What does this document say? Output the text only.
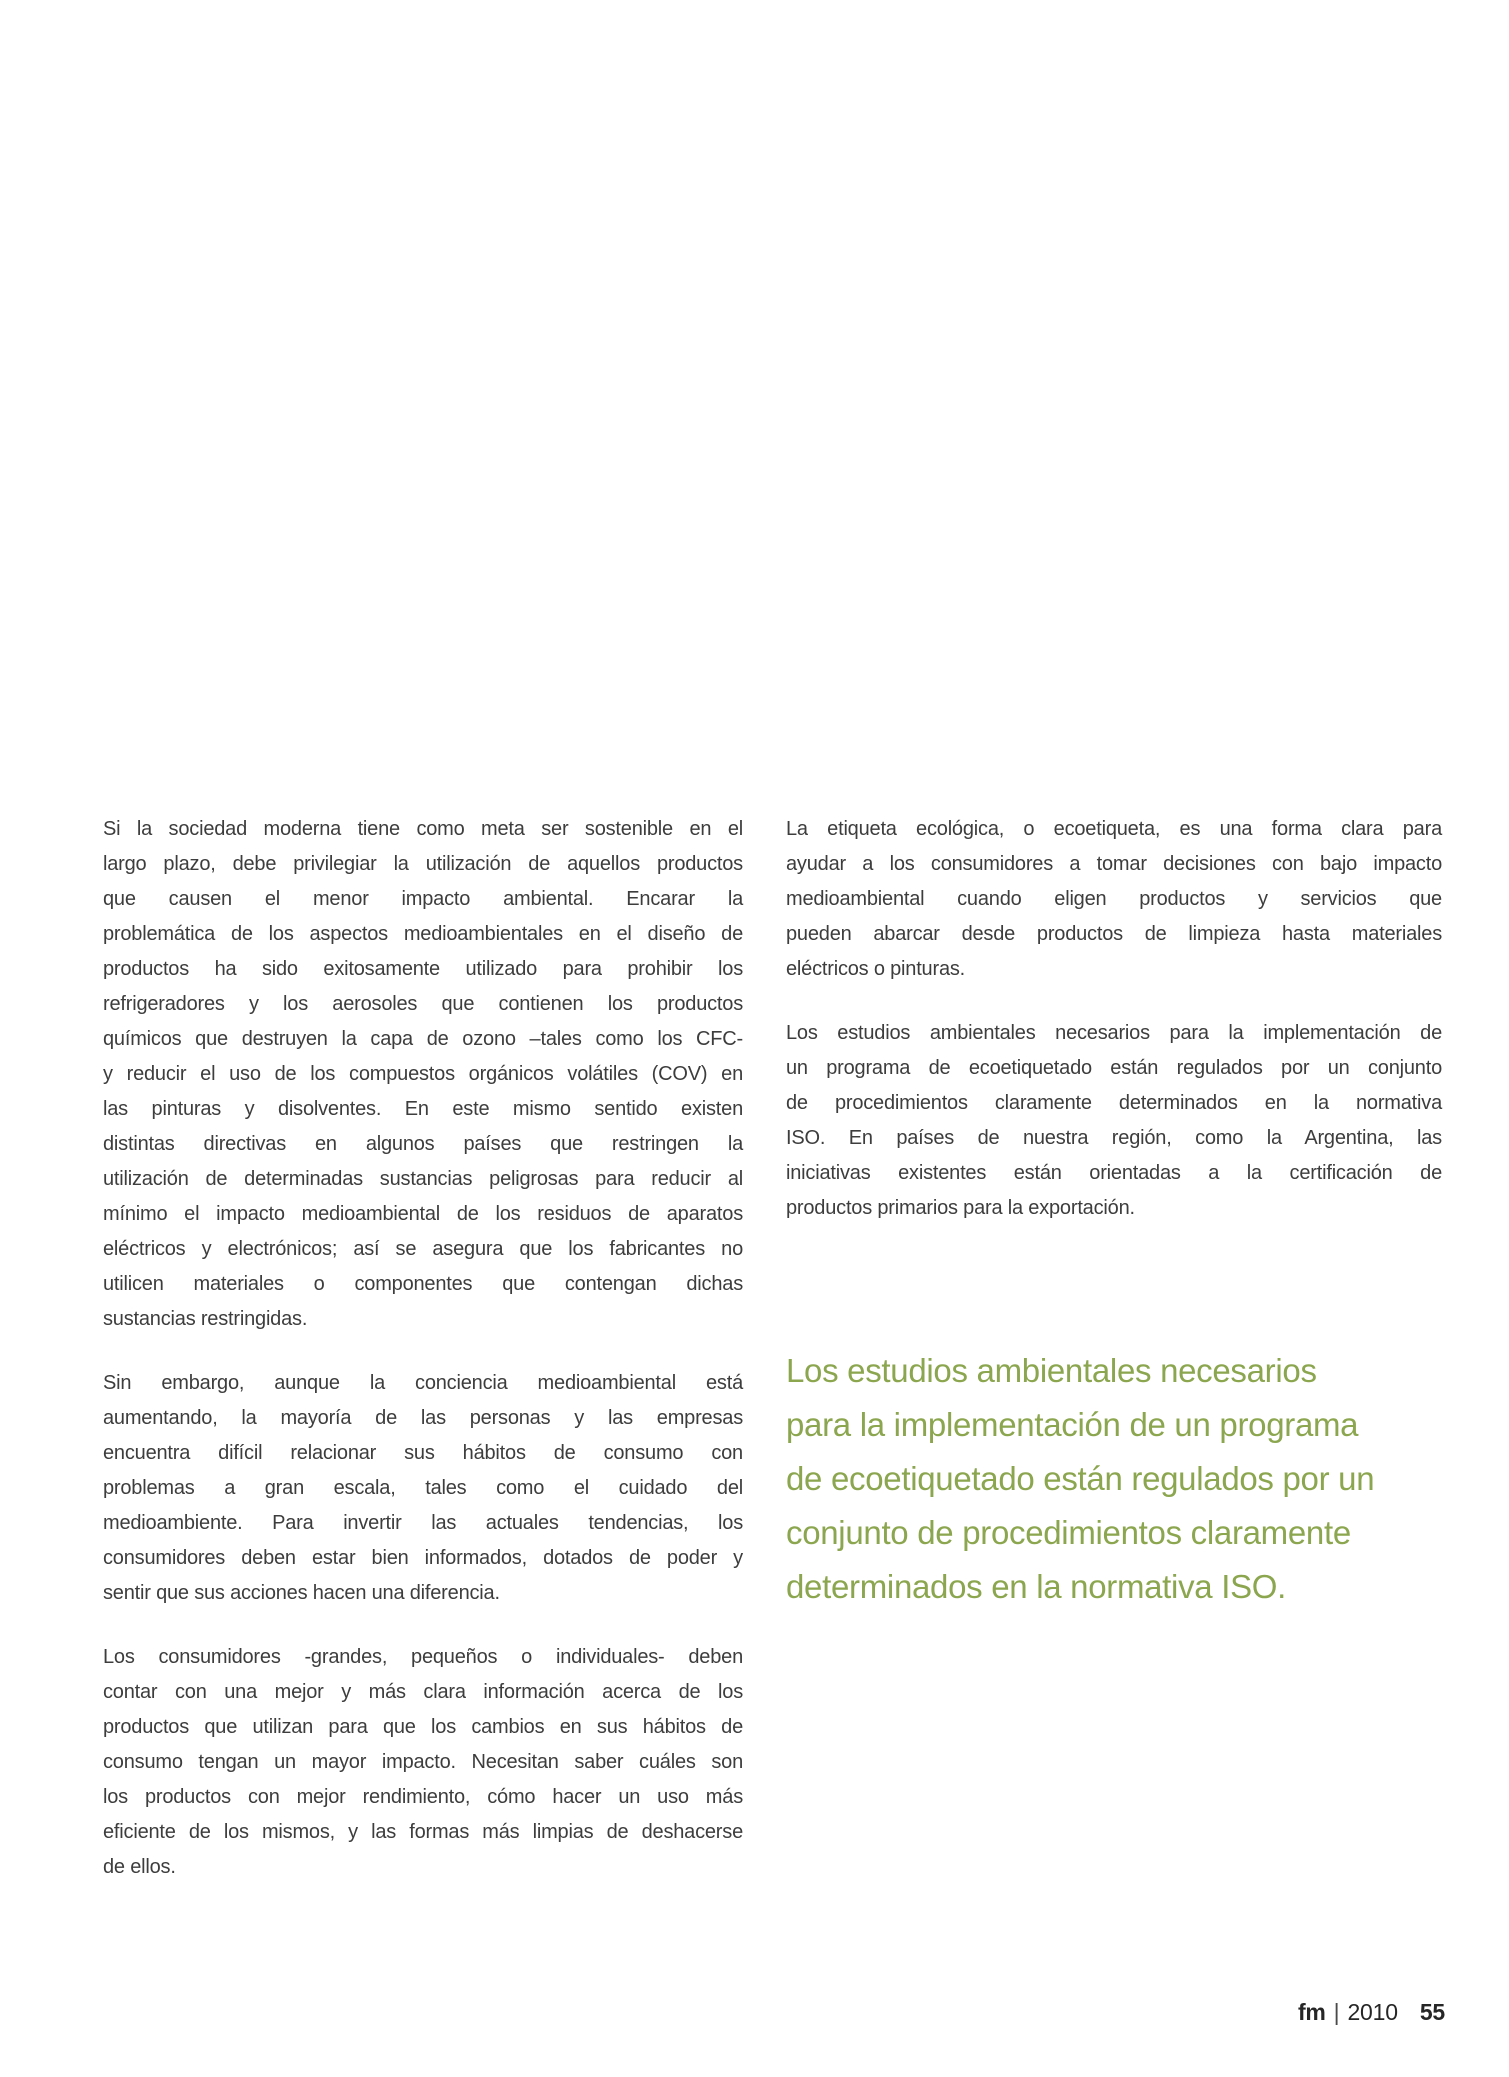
Si la sociedad moderna tiene como meta ser sostenible en el
largo plazo, debe privilegiar la utilización de aquellos productos
que causen el menor impacto ambiental. Encarar la
problemática de los aspectos medioambientales en el diseño de
productos ha sido exitosamente utilizado para prohibir los
refrigeradores y los aerosoles que contienen los productos
químicos que destruyen la capa de ozono –tales como los CFC-
y reducir el uso de los compuestos orgánicos volátiles (COV) en
las pinturas y disolventes. En este mismo sentido existen
distintas directivas en algunos países que restringen la
utilización de determinadas sustancias peligrosas para reducir al
mínimo el impacto medioambiental de los residuos de aparatos
eléctricos y electrónicos; así se asegura que los fabricantes no
utilicen materiales o componentes que contengan dichas
sustancias restringidas.
Sin embargo, aunque la conciencia medioambiental está
aumentando, la mayoría de las personas y las empresas
encuentra difícil relacionar sus hábitos de consumo con
problemas a gran escala, tales como el cuidado del
medioambiente. Para invertir las actuales tendencias, los
consumidores deben estar bien informados, dotados de poder y
sentir que sus acciones hacen una diferencia.
Los consumidores -grandes, pequeños o individuales- deben
contar con una mejor y más clara información acerca de los
productos que utilizan para que los cambios en sus hábitos de
consumo tengan un mayor impacto. Necesitan saber cuáles son
los productos con mejor rendimiento, cómo hacer un uso más
eficiente de los mismos, y las formas más limpias de deshacerse
de ellos.
La etiqueta ecológica, o ecoetiqueta, es una forma clara para
ayudar a los consumidores a tomar decisiones con bajo impacto
medioambiental cuando eligen productos y servicios que
pueden abarcar desde productos de limpieza hasta materiales
eléctricos o pinturas.
Los estudios ambientales necesarios para la implementación de
un programa de ecoetiquetado están regulados por un conjunto
de procedimientos claramente determinados en la normativa
ISO. En países de nuestra región, como la Argentina, las
iniciativas existentes están orientadas a la certificación de
productos primarios para la exportación.
Los estudios ambientales necesarios
para la implementación de un programa
de ecoetiquetado están regulados por un
conjunto de procedimientos claramente
determinados en la normativa ISO.
fm | 2010 55
